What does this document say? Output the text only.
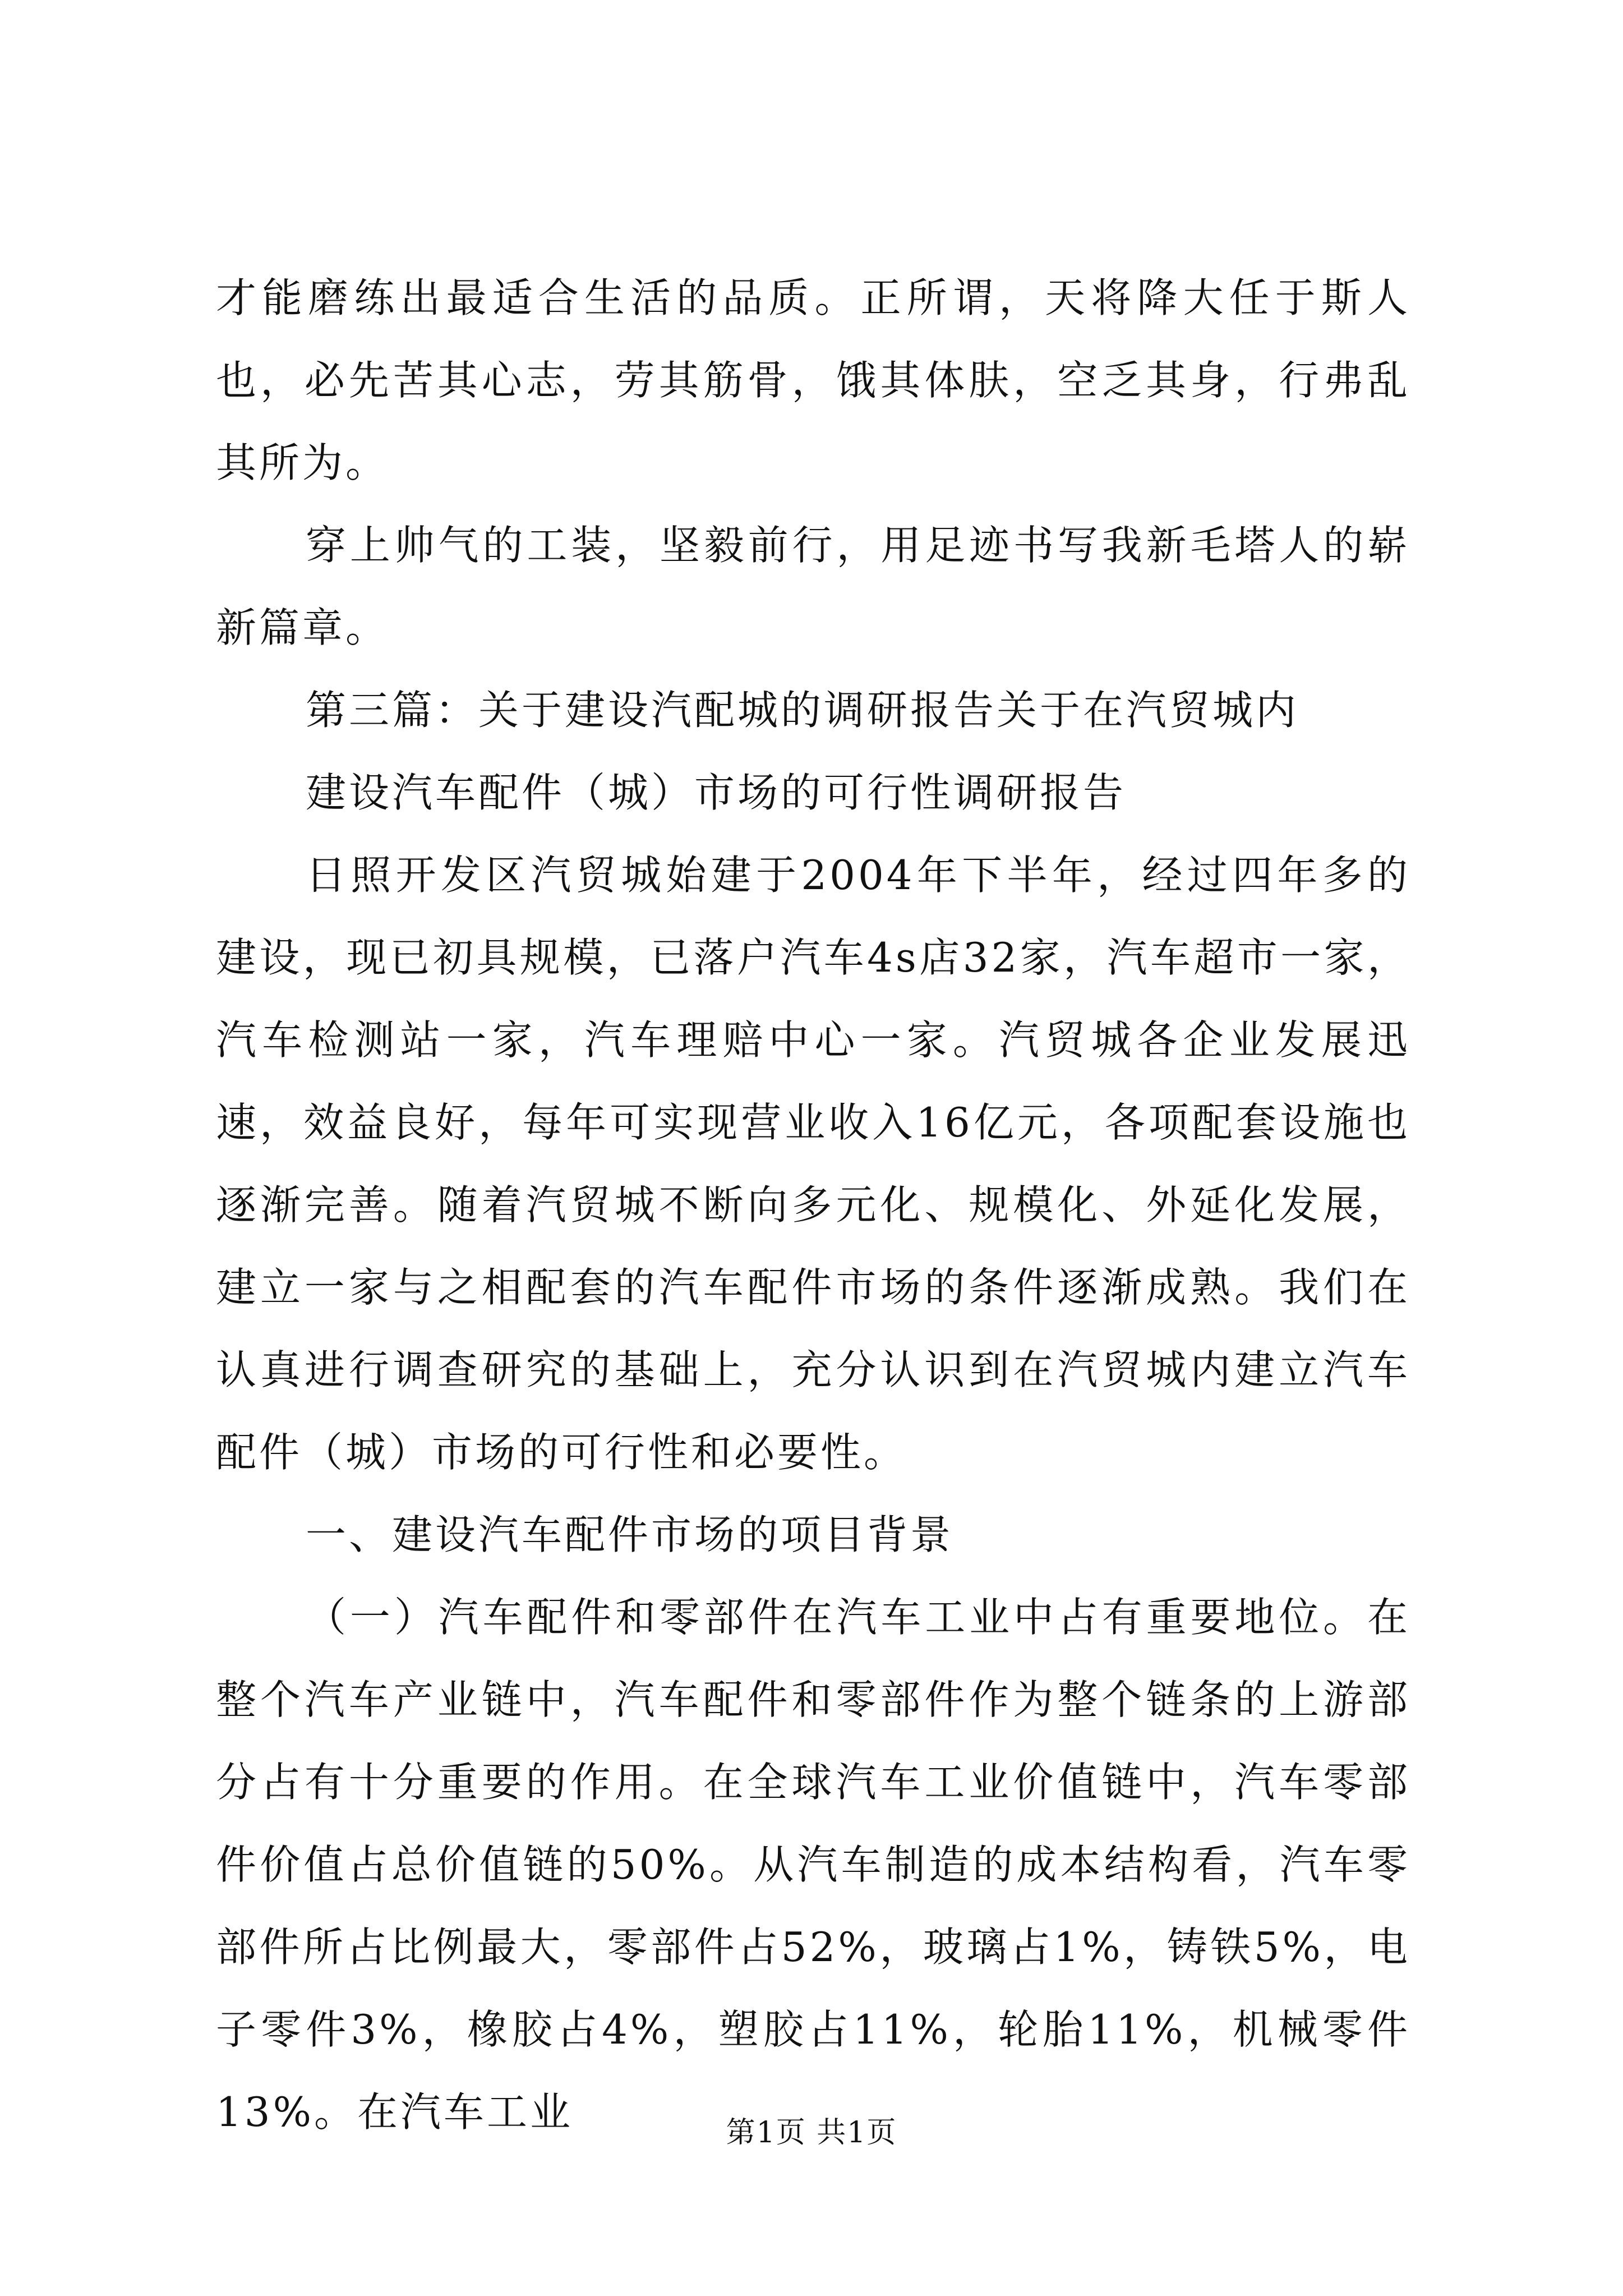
才能磨练出最适合生活的品质。正所谓，天将降大任于斯人也，必先苦其心志，劳其筋骨，饿其体肤，空乏其身，行弗乱其所为。

穿上帅气的工装，坚毅前行，用足迹书写我新毛塔人的崭新篇章。

第三篇：关于建设汽配城的调研报告关于在汽贸城内

建设汽车配件（城）市场的可行性调研报告

日照开发区汽贸城始建于2004年下半年，经过四年多的建设，现已初具规模，已落户汽车4s店32家，汽车超市一家，汽车检测站一家，汽车理赔中心一家。汽贸城各企业发展迅速，效益良好，每年可实现营业收入16亿元，各项配套设施也逐渐完善。随着汽贸城不断向多元化、规模化、外延化发展，建立一家与之相配套的汽车配件市场的条件逐渐成熟。我们在认真进行调查研究的基础上，充分认识到在汽贸城内建立汽车配件（城）市场的可行性和必要性。

一、建设汽车配件市场的项目背景

（一）汽车配件和零部件在汽车工业中占有重要地位。在整个汽车产业链中，汽车配件和零部件作为整个链条的上游部分占有十分重要的作用。在全球汽车工业价值链中，汽车零部件价值占总价值链的50%。从汽车制造的成本结构看，汽车零部件所占比例最大，零部件占52%，玻璃占1%，铸铁5%，电子零件3%，橡胶占4%，塑胶占11%，轮胎11%，机械零件13%。在汽车工业	第1页 共1页
